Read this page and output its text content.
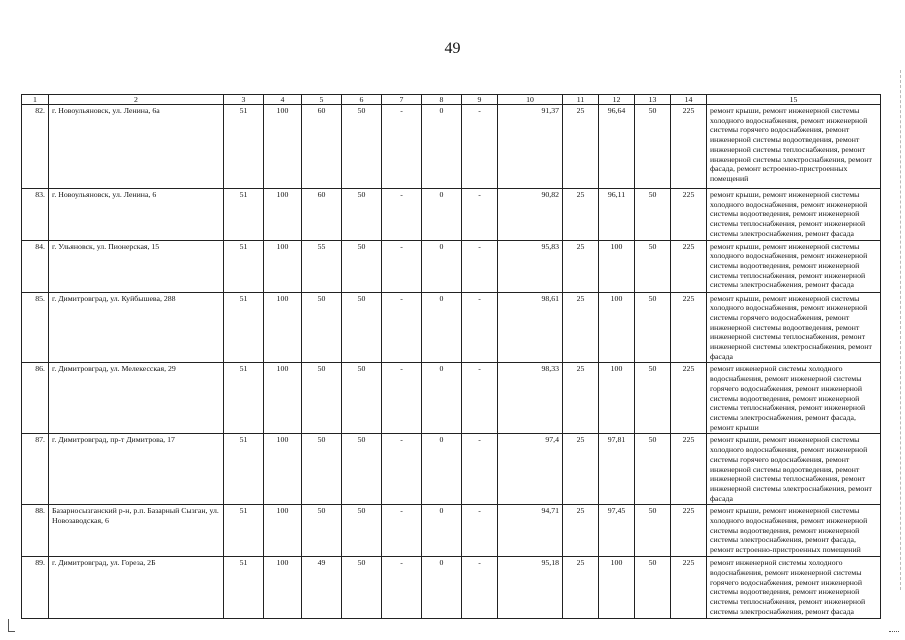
49
1	2	3	4	5	6	7	8	9	10	11	12	13	14	15
82.	г. Новоульяновск, ул. Ленина, 6а	51	100	60	50	-	0	-	91,37	25	96,64	50	225	ремонт крыши, ремонт инженерной системы холодного водоснабжения, ремонт инженерной системы горячего водоснабжения, ремонт инженерной системы водоотведения, ремонт инженерной системы теплоснабжения, ремонт инженерной системы электроснабжения, ремонт фасада, ремонт встроенно-пристроенных помещений
83.	г. Новоульяновск, ул. Ленина, 6	51	100	60	50	-	0	-	90,82	25	96,11	50	225	ремонт крыши, ремонт инженерной системы холодного водоснабжения, ремонт инженерной системы водоотведения, ремонт инженерной системы теплоснабжения, ремонт инженерной системы электроснабжения, ремонт фасада
84.	г. Ульяновск, ул. Пионерская, 15	51	100	55	50	-	0	-	95,83	25	100	50	225	ремонт крыши, ремонт инженерной системы холодного водоснабжения, ремонт инженерной системы водоотведения, ремонт инженерной системы теплоснабжения, ремонт инженерной системы электроснабжения, ремонт фасада
85.	г. Димитровград, ул. Куйбышева, 288	51	100	50	50	-	0	-	98,61	25	100	50	225	ремонт крыши, ремонт инженерной системы холодного водоснабжения, ремонт инженерной системы горячего водоснабжения, ремонт инженерной системы водоотведения, ремонт инженерной системы теплоснабжения, ремонт инженерной системы электроснабжения, ремонт фасада
86.	г. Димитровград, ул. Мелекесская, 29	51	100	50	50	-	0	-	98,33	25	100	50	225	ремонт инженерной системы холодного водоснабжения, ремонт инженерной системы горячего водоснабжения, ремонт инженерной системы водоотведения, ремонт инженерной системы теплоснабжения, ремонт инженерной системы электроснабжения, ремонт фасада, ремонт крыши
87.	г. Димитровград, пр-т Димитрова, 17	51	100	50	50	-	0	-	97,4	25	97,81	50	225	ремонт крыши, ремонт инженерной системы холодного водоснабжения, ремонт инженерной системы горячего водоснабжения, ремонт инженерной системы водоотведения, ремонт инженерной системы теплоснабжения, ремонт инженерной системы электроснабжения, ремонт фасада
88.	Базарносызганский р-н, р.п. Базарный Сызган, ул. Новозаводская, 6	51	100	50	50	-	0	-	94,71	25	97,45	50	225	ремонт крыши, ремонт инженерной системы холодного водоснабжения, ремонт инженерной системы водоотведения, ремонт инженерной системы электроснабжения, ремонт фасада, ремонт встроенно-пристроенных помещений
89.	г. Димитровград, ул. Гореза, 2Б	51	100	49	50	-	0	-	95,18	25	100	50	225	ремонт инженерной системы холодного водоснабжения, ремонт инженерной системы горячего водоснабжения, ремонт инженерной системы водоотведения, ремонт инженерной системы теплоснабжения, ремонт инженерной системы электроснабжения, ремонт фасада
